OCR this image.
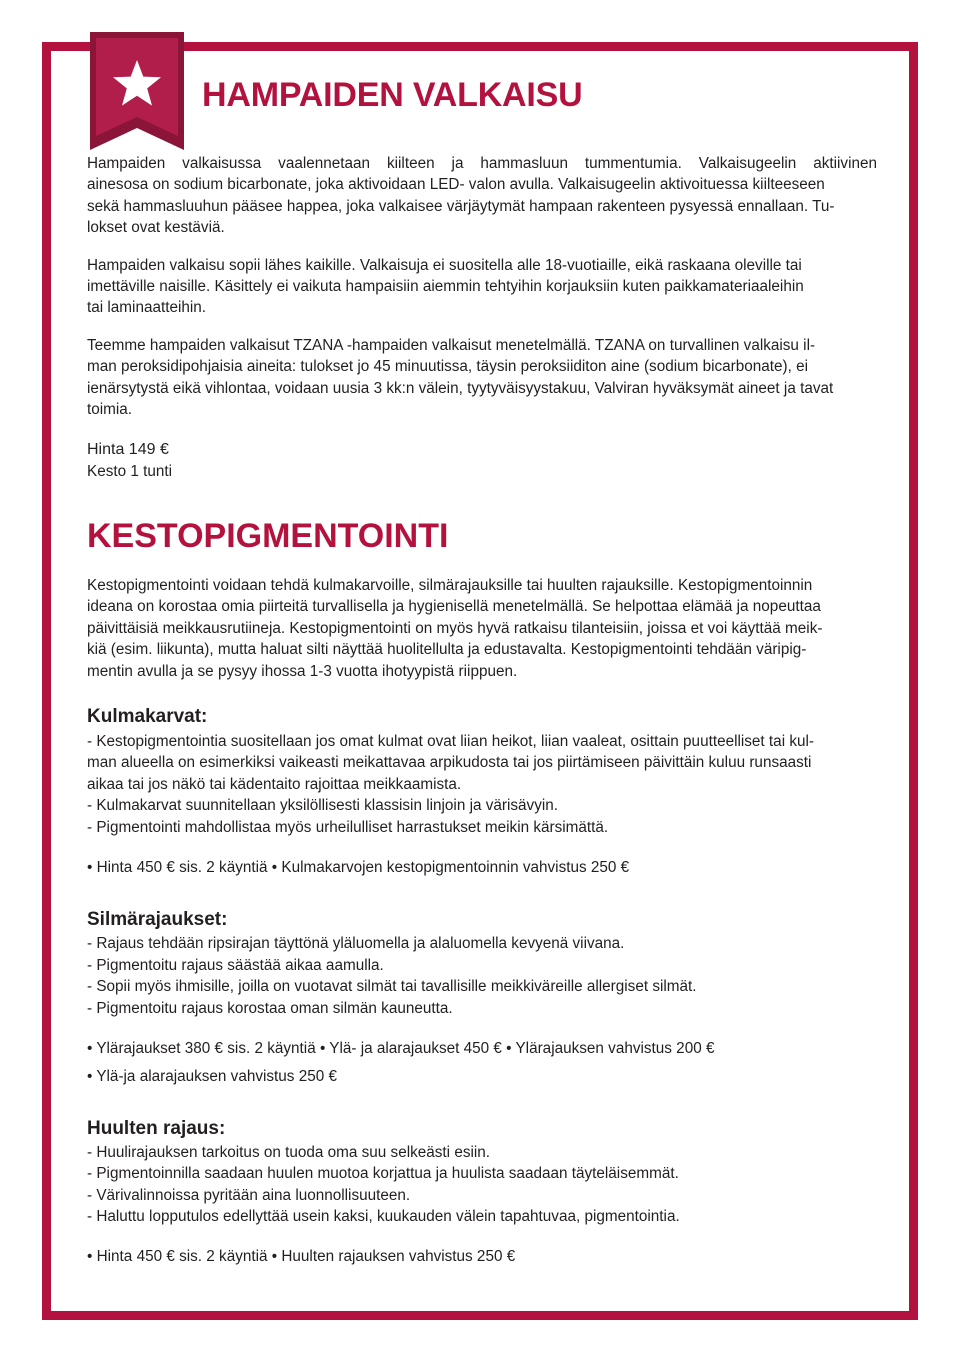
HAMPAIDEN VALKAISU

Hampaiden valkaisussa vaalennetaan kiilteen ja hammasluun tummentumia. Valkaisugeelin aktiivinen
ainesosa on sodium bicarbonate, joka aktivoidaan LED- valon avulla. Valkaisugeelin aktivoituessa kiilteeseen
sekä hammasluuhun pääsee happea, joka valkaisee värjäytymät hampaan rakenteen pysyessä ennallaan. Tu-
lokset ovat kestäviä.

Hampaiden valkaisu sopii lähes kaikille. Valkaisuja ei suositella alle 18-vuotiaille, eikä raskaana oleville tai
imettäville naisille. Käsittely ei vaikuta hampaisiin aiemmin tehtyihin korjauksiin kuten paikkamateriaaleihin
tai laminaatteihin.

Teemme hampaiden valkaisut TZANA -hampaiden valkaisut menetelmällä. TZANA on turvallinen valkaisu il-
man peroksidipohjaisia aineita: tulokset jo 45 minuutissa, täysin peroksiiditon aine (sodium bicarbonate), ei
ienärsytystä eikä vihlontaa, voidaan uusia 3 kk:n välein, tyytyväisyystakuu, Valviran hyväksymät aineet ja tavat
toimia.

Hinta 149 €

Kesto 1 tunti

KESTOPIGMENTOINTI

Kestopigmentointi voidaan tehdä kulmakarvoille, silmärajauksille tai huulten rajauksille. Kestopigmentoinnin
ideana on korostaa omia piirteitä turvallisella ja hygienisellä menetelmällä. Se helpottaa elämää ja nopeuttaa
päivittäisiä meikkausrutiineja. Kestopigmentointi on myös hyvä ratkaisu tilanteisiin, joissa et voi käyttää meik-
kiä (esim. liikunta), mutta haluat silti näyttää huolitellulta ja edustavalta. Kestopigmentointi tehdään väripig-
mentin avulla ja se pysyy ihossa 1-3 vuotta ihotyypistä riippuen.

Kulmakarvat:

- Kestopigmentointia suositellaan jos omat kulmat ovat liian heikot, liian vaaleat, osittain puutteelliset tai kul-
man alueella on esimerkiksi vaikeasti meikattavaa arpikudosta tai jos piirtämiseen päivittäin kuluu runsaasti
aikaa tai jos näkö tai kädentaito rajoittaa meikkaamista.
- Kulmakarvat suunnitellaan yksilöllisesti klassisin linjoin ja värisävyin.
- Pigmentointi mahdollistaa myös urheilulliset harrastukset meikin kärsimättä.

• Hinta 450 € sis. 2 käyntiä • Kulmakarvojen kestopigmentoinnin vahvistus 250 €

Silmärajaukset:

- Rajaus tehdään ripsirajan täyttönä yläluomella ja alaluomella kevyenä viivana.
- Pigmentoitu rajaus säästää aikaa aamulla.
- Sopii myös ihmisille, joilla on vuotavat silmät tai tavallisille meikkiväreille allergiset silmät.
- Pigmentoitu rajaus korostaa oman silmän kauneutta.

• Ylärajaukset 380 € sis. 2 käyntiä • Ylä- ja alarajaukset 450 € • Ylärajauksen vahvistus 200 €
• Ylä-ja alarajauksen vahvistus 250 €

Huulten rajaus:

- Huulirajauksen tarkoitus on tuoda oma suu selkeästi esiin.
- Pigmentoinnilla saadaan huulen muotoa korjattua ja huulista saadaan täyteläisemmät.
- Värivalinnoissa pyritään aina luonnollisuuteen.
- Haluttu lopputulos edellyttää usein kaksi, kuukauden välein tapahtuvaa, pigmentointia.

• Hinta 450 € sis. 2 käyntiä • Huulten rajauksen vahvistus 250 €
